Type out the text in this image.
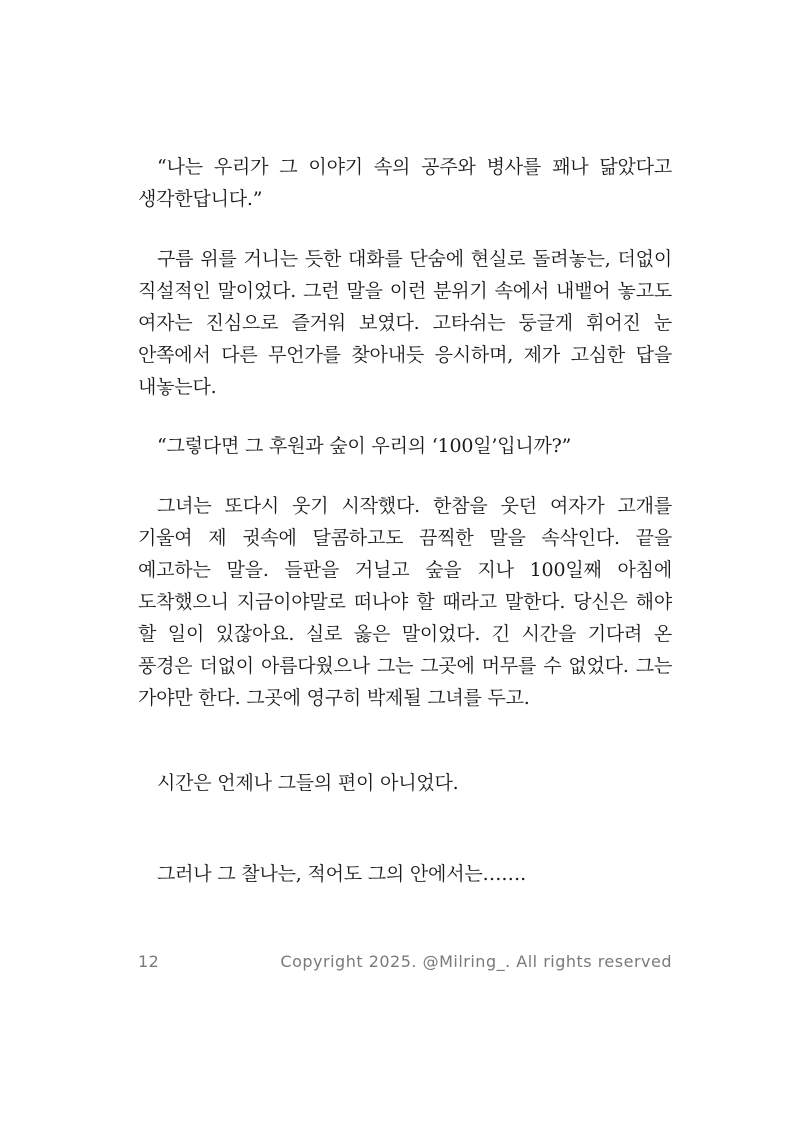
“나는 우리가 그 이야기 속의 공주와 병사를 꽤나 닮았다고 생각한답니다.”

구름 위를 거니는 듯한 대화를 단숨에 현실로 돌려놓는, 더없이 직설적인 말이었다. 그런 말을 이런 분위기 속에서 내뱉어 놓고도 여자는 진심으로 즐거워 보였다. 고타쉬는 둥글게 휘어진 눈 안쪽에서 다른 무언가를 찾아내듯 응시하며, 제가 고심한 답을 내놓는다.

“그렇다면 그 후원과 숲이 우리의 ‘100일’입니까?”

그녀는 또다시 웃기 시작했다. 한참을 웃던 여자가 고개를 기울여 제 귓속에 달콤하고도 끔찍한 말을 속삭인다. 끝을 예고하는 말을. 들판을 거닐고 숲을 지나 100일째 아침에 도착했으니 지금이야말로 떠나야 할 때라고 말한다. 당신은 해야 할 일이 있잖아요. 실로 옳은 말이었다. 긴 시간을 기다려 온 풍경은 더없이 아름다웠으나 그는 그곳에 머무를 수 없었다. 그는 가야만 한다. 그곳에 영구히 박제될 그녀를 두고.

시간은 언제나 그들의 편이 아니었다.

그러나 그 찰나는, 적어도 그의 안에서는…….

12	Copyright 2025. @Milring_. All rights reserved
